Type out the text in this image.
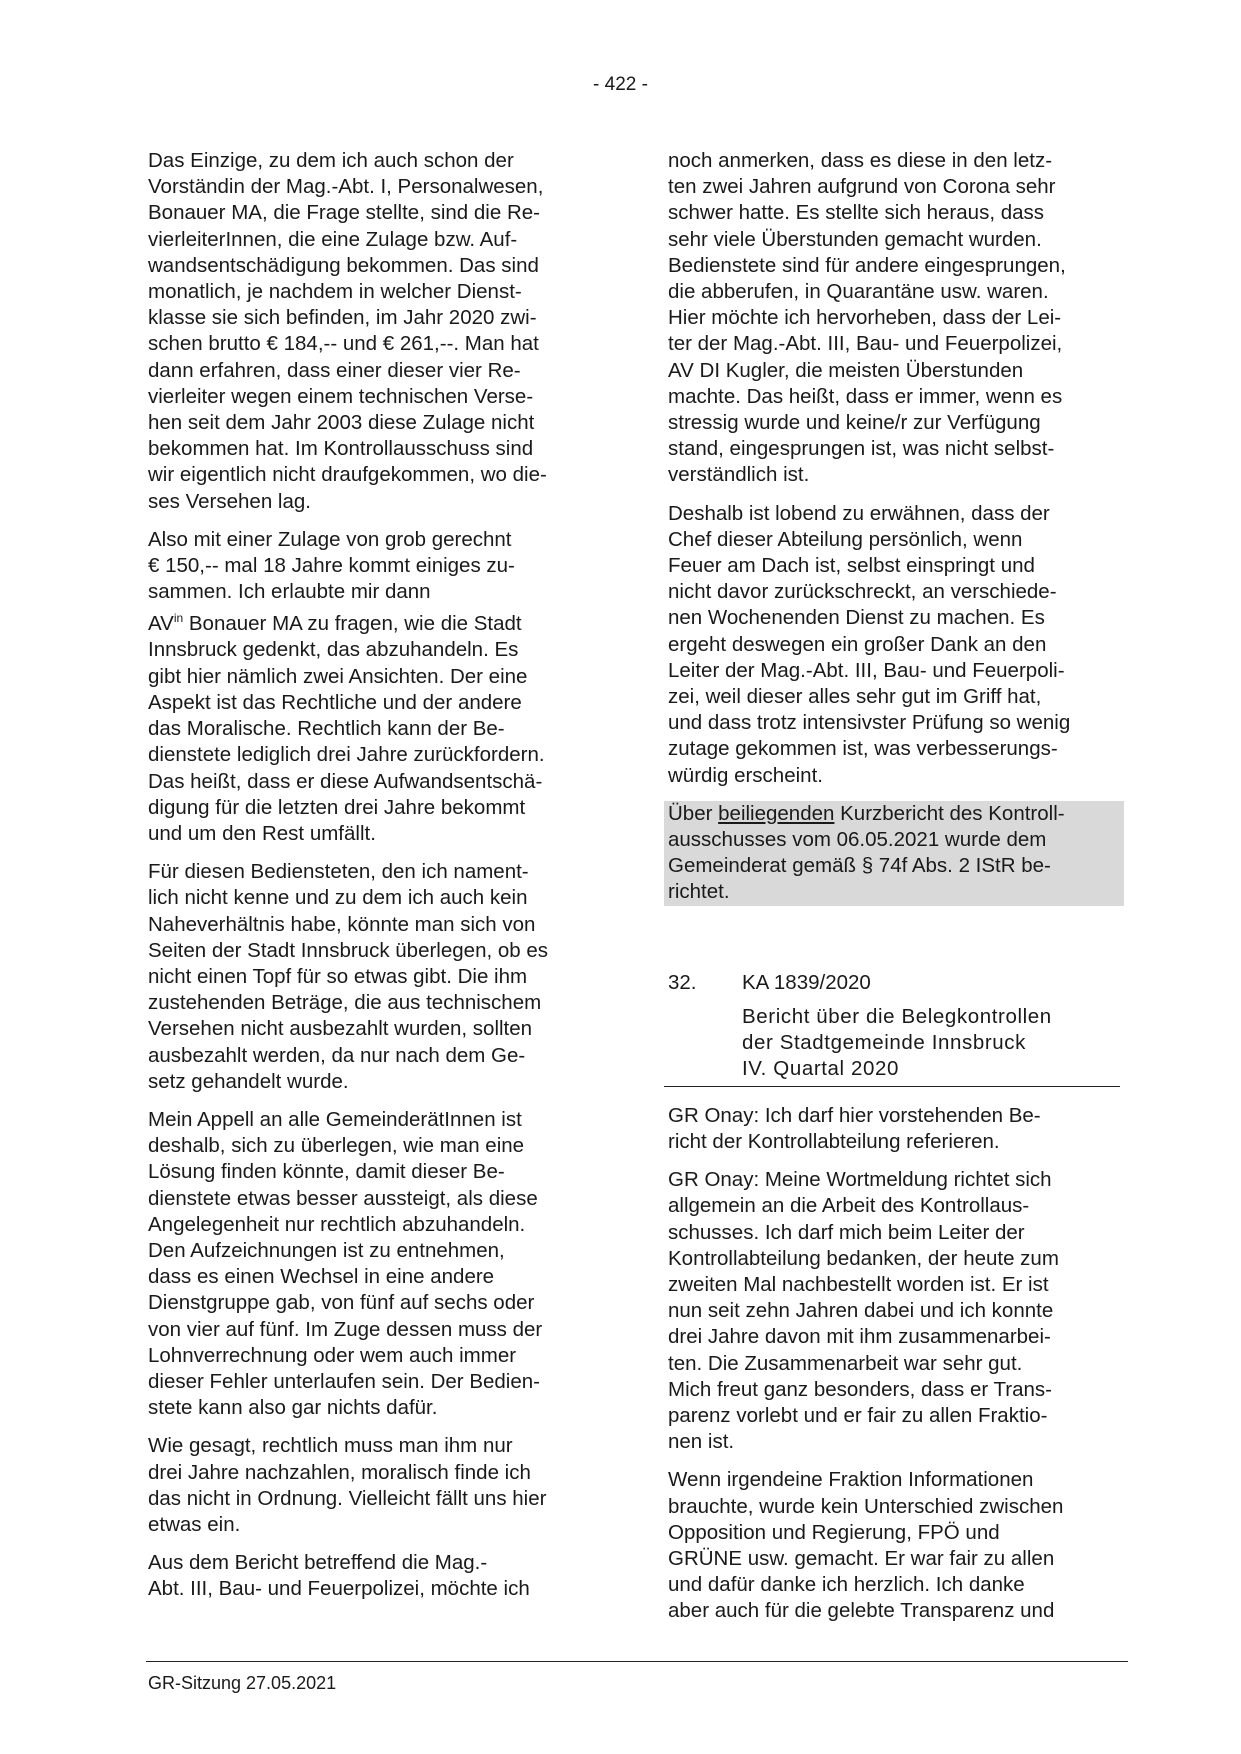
- 422 -

Das Einzige, zu dem ich auch schon der
Vorständin der Mag.-Abt. I, Personalwesen,
Bonauer MA, die Frage stellte, sind die Re-
vierleiterInnen, die eine Zulage bzw. Auf-
wandsentschädigung bekommen. Das sind
monatlich, je nachdem in welcher Dienst-
klasse sie sich befinden, im Jahr 2020 zwi-
schen brutto € 184,-- und € 261,--. Man hat
dann erfahren, dass einer dieser vier Re-
vierleiter wegen einem technischen Verse-
hen seit dem Jahr 2003 diese Zulage nicht
bekommen hat. Im Kontrollausschuss sind
wir eigentlich nicht draufgekommen, wo die-
ses Versehen lag.

Also mit einer Zulage von grob gerechnt
€ 150,-- mal 18 Jahre kommt einiges zu-
sammen. Ich erlaubte mir dann
$AV^{in}$ Bonauer MA zu fragen, wie die Stadt
Innsbruck gedenkt, das abzuhandeln. Es
gibt hier nämlich zwei Ansichten. Der eine
Aspekt ist das Rechtliche und der andere
das Moralische. Rechtlich kann der Be-
dienstete lediglich drei Jahre zurückfordern.
Das heißt, dass er diese Aufwandsentschä-
digung für die letzten drei Jahre bekommt
und um den Rest umfällt.

Für diesen Bediensteten, den ich nament-
lich nicht kenne und zu dem ich auch kein
Naheverhältnis habe, könnte man sich von
Seiten der Stadt Innsbruck überlegen, ob es
nicht einen Topf für so etwas gibt. Die ihm
zustehenden Beträge, die aus technischem
Versehen nicht ausbezahlt wurden, sollten
ausbezahlt werden, da nur nach dem Ge-
setz gehandelt wurde.

Mein Appell an alle GemeinderätInnen ist
deshalb, sich zu überlegen, wie man eine
Lösung finden könnte, damit dieser Be-
dienstete etwas besser aussteigt, als diese
Angelegenheit nur rechtlich abzuhandeln.
Den Aufzeichnungen ist zu entnehmen,
dass es einen Wechsel in eine andere
Dienstgruppe gab, von fünf auf sechs oder
von vier auf fünf. Im Zuge dessen muss der
Lohnverrechnung oder wem auch immer
dieser Fehler unterlaufen sein. Der Bedien-
stete kann also gar nichts dafür.

Wie gesagt, rechtlich muss man ihm nur
drei Jahre nachzahlen, moralisch finde ich
das nicht in Ordnung. Vielleicht fällt uns hier
etwas ein.

Aus dem Bericht betreffend die Mag.-
Abt. III, Bau- und Feuerpolizei, möchte ich

noch anmerken, dass es diese in den letz-
ten zwei Jahren aufgrund von Corona sehr
schwer hatte. Es stellte sich heraus, dass
sehr viele Überstunden gemacht wurden.
Bedienstete sind für andere eingesprungen,
die abberufen, in Quarantäne usw. waren.
Hier möchte ich hervorheben, dass der Lei-
ter der Mag.-Abt. III, Bau- und Feuerpolizei,
AV DI Kugler, die meisten Überstunden
machte. Das heißt, dass er immer, wenn es
stressig wurde und keine/r zur Verfügung
stand, eingesprungen ist, was nicht selbst-
verständlich ist.

Deshalb ist lobend zu erwähnen, dass der
Chef dieser Abteilung persönlich, wenn
Feuer am Dach ist, selbst einspringt und
nicht davor zurückschreckt, an verschiede-
nen Wochenenden Dienst zu machen. Es
ergeht deswegen ein großer Dank an den
Leiter der Mag.-Abt. III, Bau- und Feuerpoli-
zei, weil dieser alles sehr gut im Griff hat,
und dass trotz intensivster Prüfung so wenig
zutage gekommen ist, was verbesserungs-
würdig erscheint.

Über beiliegenden Kurzbericht des Kontroll-
ausschusses vom 06.05.2021 wurde dem
Gemeinderat gemäß § 74f Abs. 2 IStR be-
richtet.

32.	KA 1839/2020
Bericht über die Belegkontrollen
der Stadtgemeinde Innsbruck
IV. Quartal 2020

GR Onay: Ich darf hier vorstehenden Be-
richt der Kontrollabteilung referieren.

GR Onay: Meine Wortmeldung richtet sich
allgemein an die Arbeit des Kontrollaus-
schusses. Ich darf mich beim Leiter der
Kontrollabteilung bedanken, der heute zum
zweiten Mal nachbestellt worden ist. Er ist
nun seit zehn Jahren dabei und ich konnte
drei Jahre davon mit ihm zusammenarbei-
ten. Die Zusammenarbeit war sehr gut.
Mich freut ganz besonders, dass er Trans-
parenz vorlebt und er fair zu allen Fraktio-
nen ist.

Wenn irgendeine Fraktion Informationen
brauchte, wurde kein Unterschied zwischen
Opposition und Regierung, FPÖ und
GRÜNE usw. gemacht. Er war fair zu allen
und dafür danke ich herzlich. Ich danke
aber auch für die gelebte Transparenz und

GR-Sitzung 27.05.2021
